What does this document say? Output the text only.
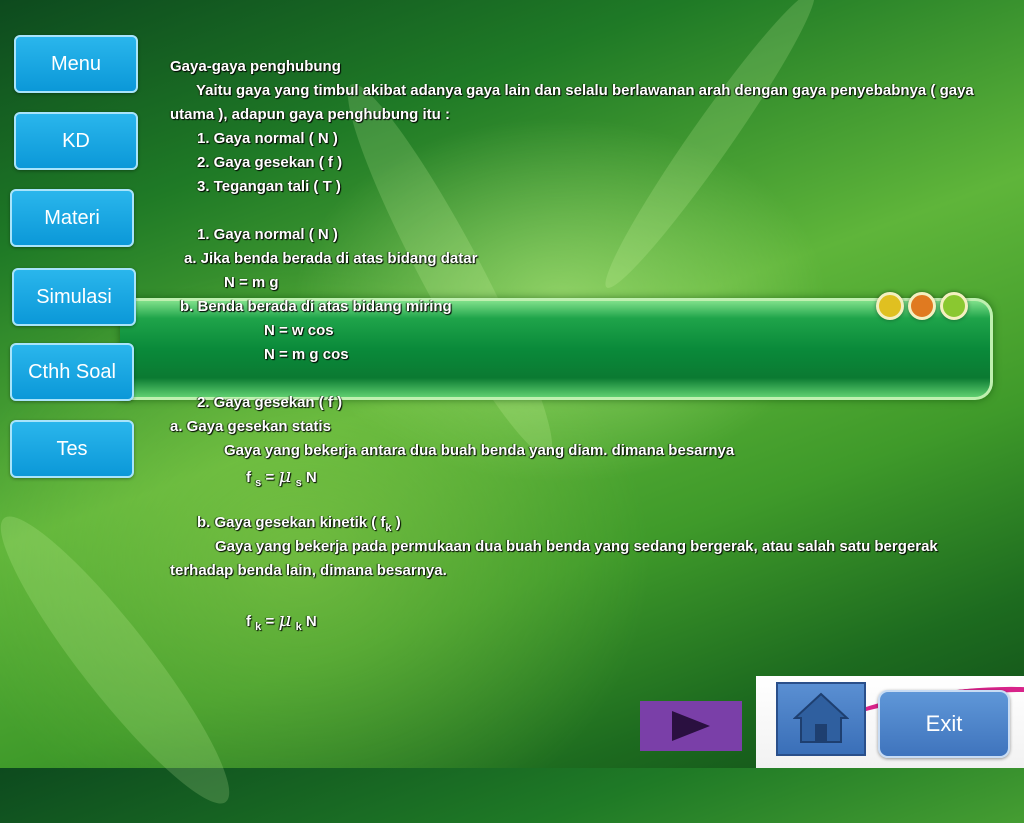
Menu
KD
Materi
Simulasi
Cthh Soal
Tes
Gaya-gaya penghubung
Yaitu gaya yang timbul akibat adanya gaya lain dan selalu berlawanan arah dengan gaya penyebabnya ( gaya
utama ), adapun gaya penghubung itu :
1. Gaya normal ( N )
2. Gaya gesekan ( f )
3. Tegangan tali ( T )
1. Gaya normal ( N )
a. Jika benda berada di atas bidang datar
N = m g
b. Benda berada di atas bidang miring
N = w cos
N = m g cos
2. Gaya gesekan ( f )
a. Gaya gesekan statis
Gaya yang bekerja antara dua buah benda yang diam. dimana besarnya
f $_s$ = μ $_s$ N
b. Gaya gesekan kinetik ( $f_k$ )
Gaya yang bekerja pada permukaan dua buah benda yang sedang bergerak, atau salah satu bergerak
terhadap benda lain, dimana besarnya.
f $_k$ = μ $_k$ N
Exit
